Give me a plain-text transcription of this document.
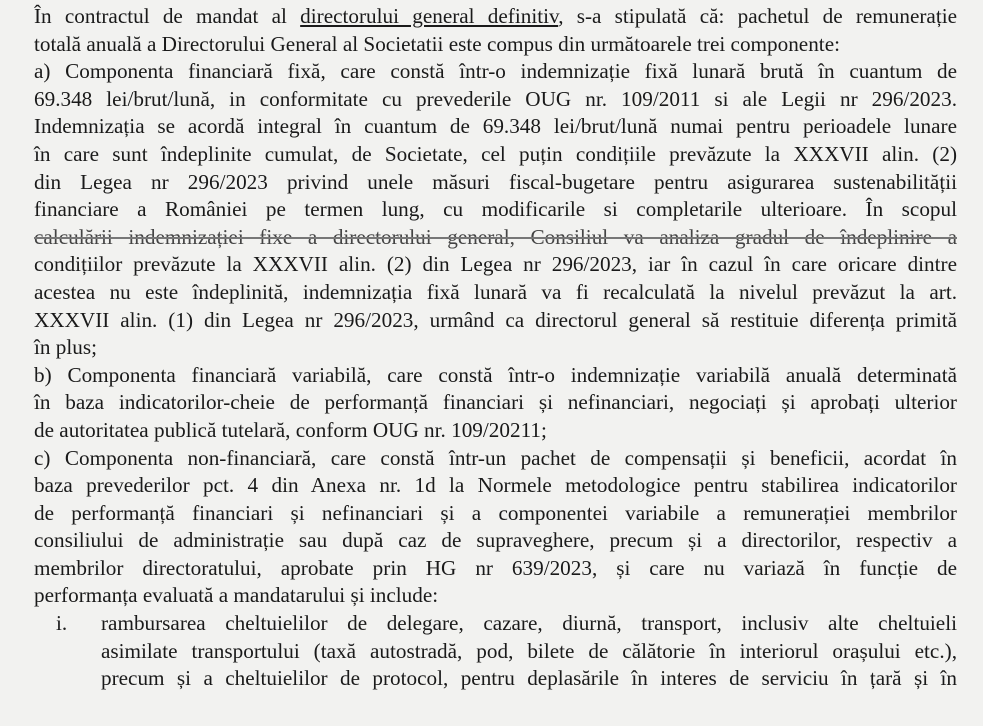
În contractul de mandat al directorului general definitiv, s-a stipulată că: pachetul de remunerație
totală anuală a Directorului General al Societatii este compus din următoarele trei componente:

a) Componenta financiară fixă, care constă într-o indemnizație fixă lunară brută în cuantum de
69.348 lei/brut/lună, in conformitate cu prevederile OUG nr. 109/2011 si ale Legii nr 296/2023.
Indemnizația se acordă integral în cuantum de 69.348 lei/brut/lună numai pentru perioadele lunare
în care sunt îndeplinite cumulat, de Societate, cel puțin condițiile prevăzute la XXXVII alin. (2)
din Legea nr 296/2023 privind unele măsuri fiscal-bugetare pentru asigurarea sustenabilității
financiare a României pe termen lung, cu modificarile si completarile ulterioare. În scopul
calculării indemnizației fixe a directorului general, Consiliul va analiza gradul de îndeplinire a
condițiilor prevăzute la XXXVII alin. (2) din Legea nr 296/2023, iar în cazul în care oricare dintre
acestea nu este îndeplinită, indemnizația fixă lunară va fi recalculată la nivelul prevăzut la art.
XXXVII alin. (1) din Legea nr 296/2023, urmând ca directorul general să restituie diferența primită
în plus;

b) Componenta financiară variabilă, care constă într-o indemnizație variabilă anuală determinată
în baza indicatorilor-cheie de performanță financiari și nefinanciari, negociați și aprobați ulterior
de autoritatea publică tutelară, conform OUG nr. 109/20211;

c) Componenta non-financiară, care constă într-un pachet de compensații și beneficii, acordat în
baza prevederilor pct. 4 din Anexa nr. 1d la Normele metodologice pentru stabilirea indicatorilor
de performanță financiari și nefinanciari și a componentei variabile a remunerației membrilor
consiliului de administrație sau după caz de supraveghere, precum și a directorilor, respectiv a
membrilor directoratului, aprobate prin HG nr 639/2023, și care nu variază în funcție de
performanța evaluată a mandatarului și include:

i. rambursarea cheltuielilor de delegare, cazare, diurnă, transport, inclusiv alte cheltuieli
asimilate transportului (taxă autostradă, pod, bilete de călătorie în interiorul orașului etc.),
precum și a cheltuielilor de protocol, pentru deplasările în interes de serviciu în țară și în
